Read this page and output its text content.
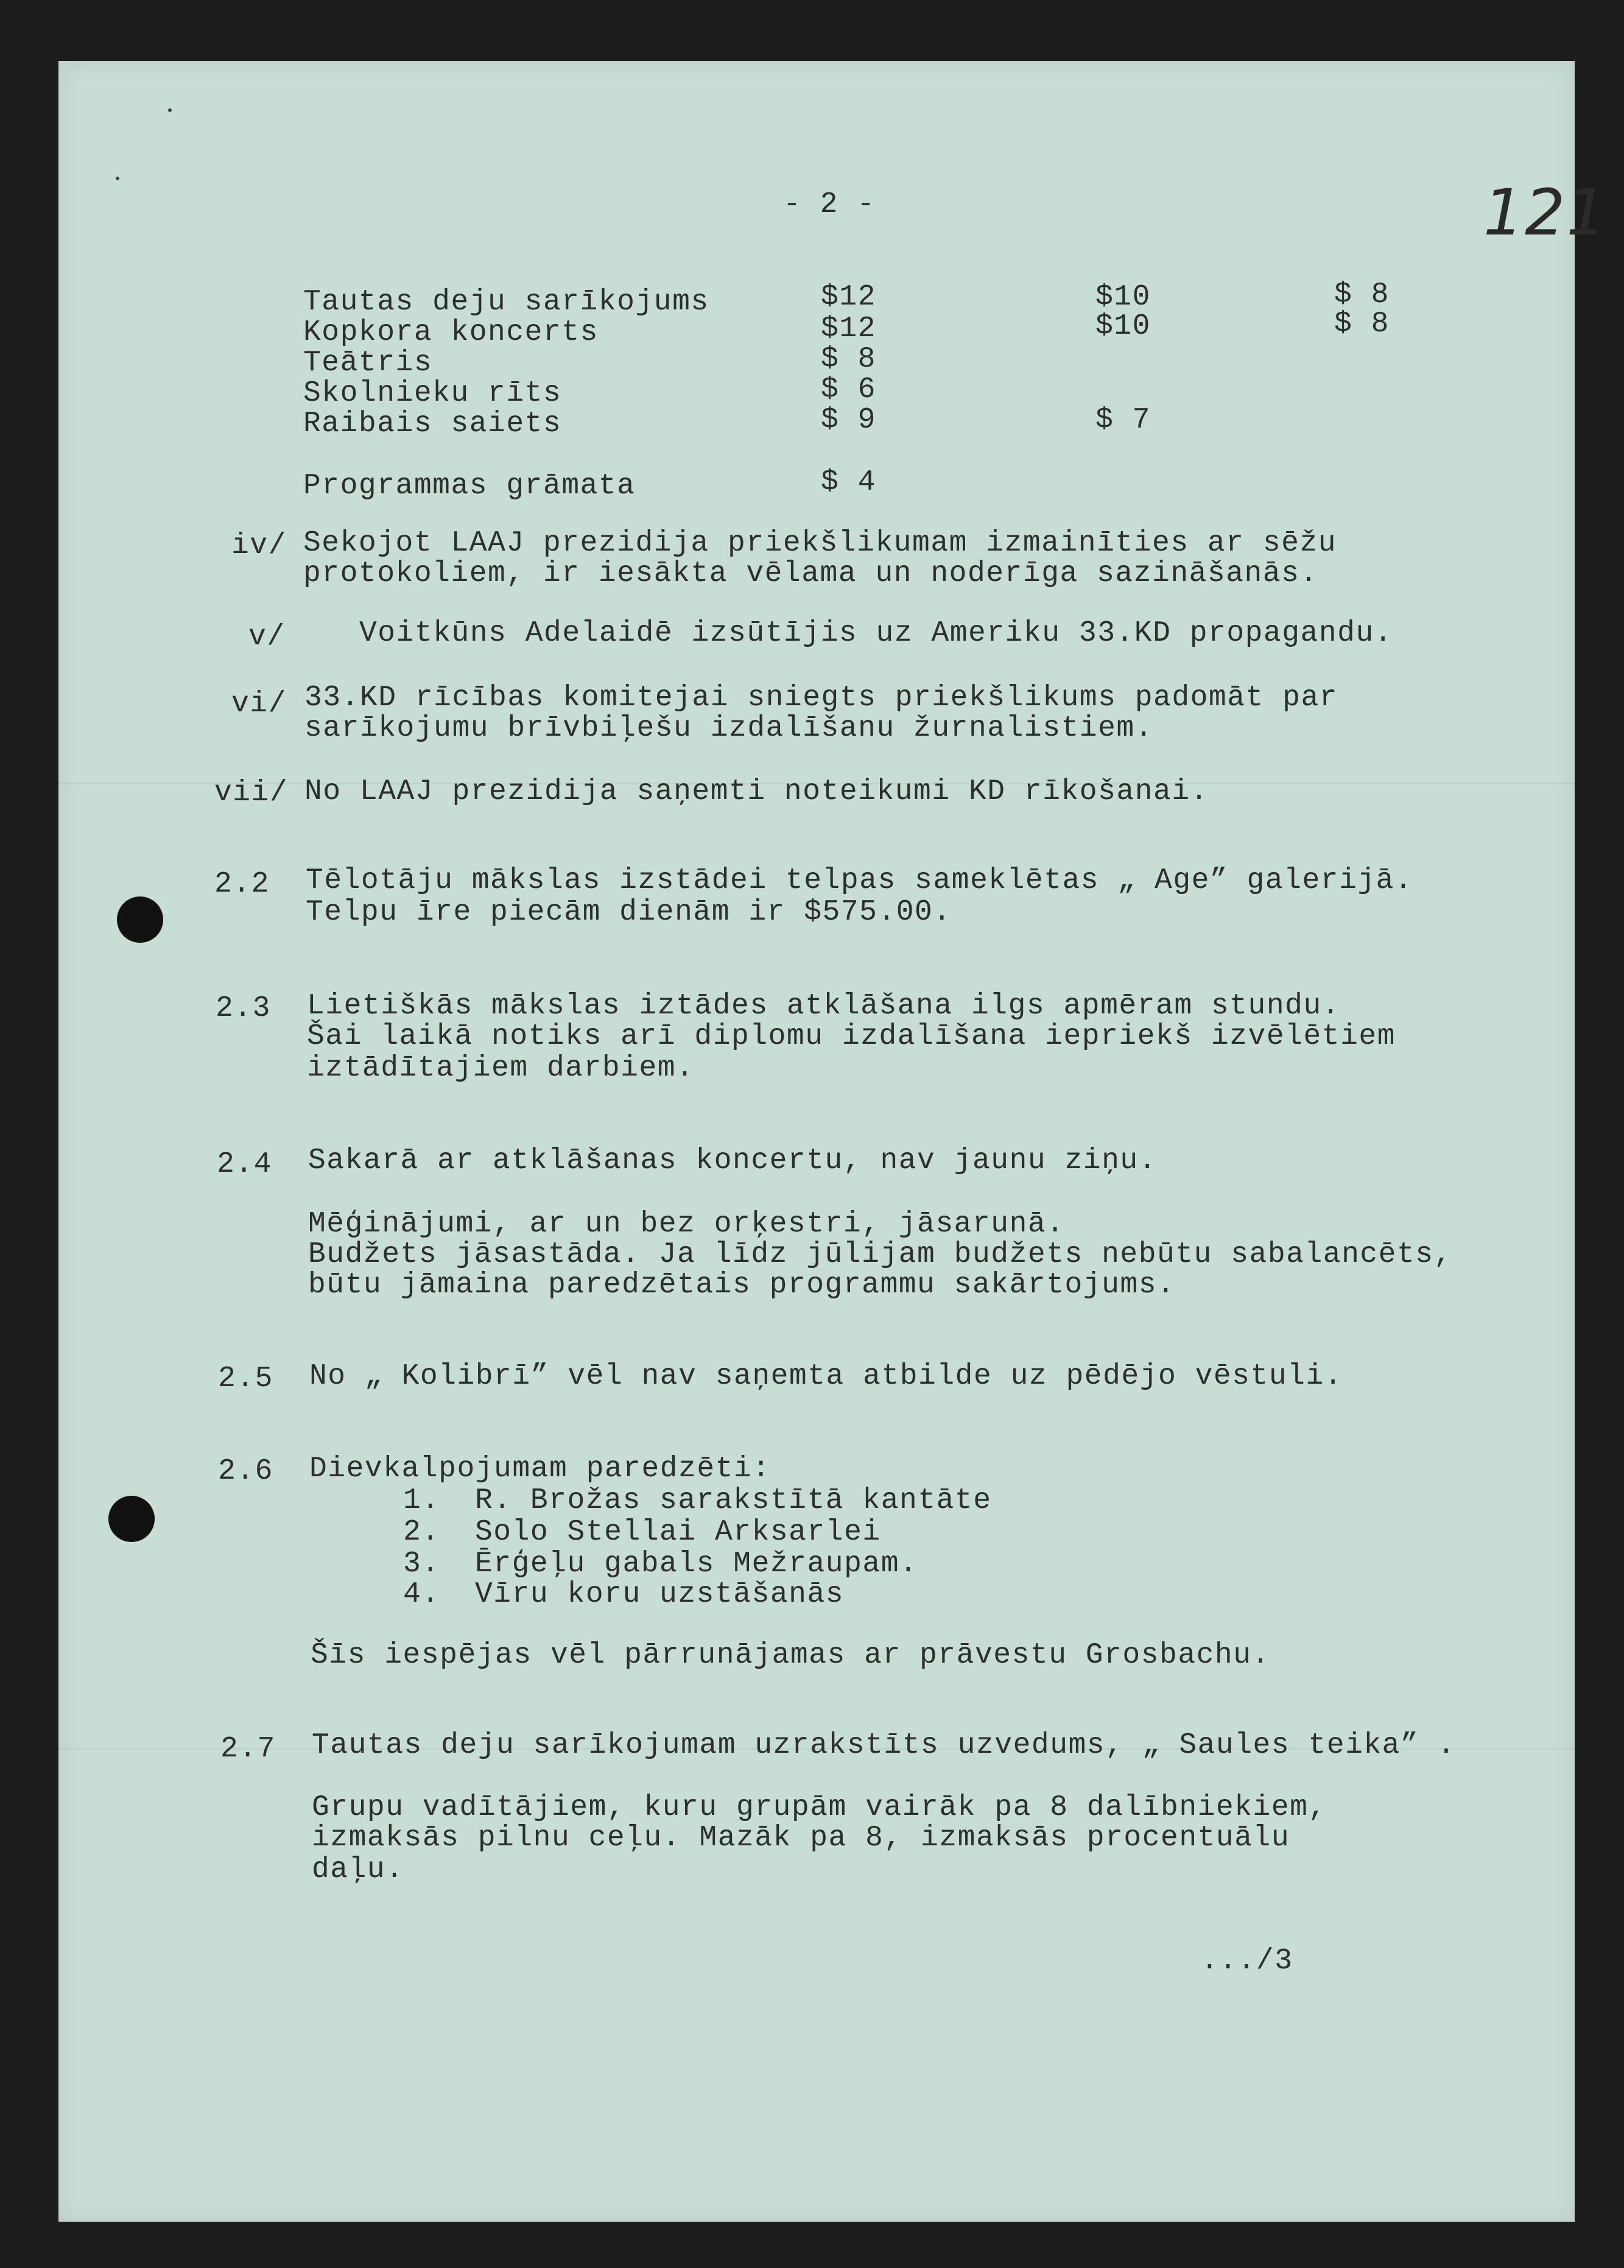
121
- 2 -
Tautas deju sarīkojums	$12	$10	$ 8
Kopkora koncerts	$12	$10	$ 8
Teātris	$ 8
Skolnieku rīts	$ 6
Raibais saiets	$ 9	$ 7
Programmas grāmata	$ 4
iv/ Sekojot LAAJ prezidija priekšlikumam izmainīties ar sēžu
protokoliem, ir iesākta vēlama un noderīga sazināšanās.
v/	Voitkūns Adelaidē izsūtījis uz Ameriku 33.KD propagandu.
vi/ 33.KD rīcības komitejai sniegts priekšlikums padomāt par
sarīkojumu brīvbiļešu izdalīšanu žurnalistiem.
vii/ No LAAJ prezidija saņemti noteikumi KD rīkošanai.
2.2 Tēlotāju mākslas izstādei telpas sameklētas „ Age” galerijā.
Telpu īre piecām dienām ir $575.00.
2.3 Lietiškās mākslas iztādes atklāšana ilgs apmēram stundu.
Šai laikā notiks arī diplomu izdalīšana iepriekš izvēlētiem
iztādītajiem darbiem.
2.4 Sakarā ar atklāšanas koncertu, nav jaunu ziņu.
Mēģinājumi, ar un bez orķestri, jāsarunā.
Budžets jāsastāda. Ja līdz jūlijam budžets nebūtu sabalancēts,
būtu jāmaina paredzētais programmu sakārtojums.
2.5 No „ Kolibrī” vēl nav saņemta atbilde uz pēdējo vēstuli.
2.6 Dievkalpojumam paredzēti:
1. R. Brožas sarakstītā kantāte
2. Solo Stellai Arksarlei
3. Ērģeļu gabals Mežraupam.
4. Vīru koru uzstāšanās
Šīs iespējas vēl pārrunājamas ar prāvestu Grosbachu.
2.7 Tautas deju sarīkojumam uzrakstīts uzvedums, „ Saules teika” .
Grupu vadītājiem, kuru grupām vairāk pa 8 dalībniekiem,
izmaksās pilnu ceļu. Mazāk pa 8, izmaksās procentuālu
daļu.
.../3
